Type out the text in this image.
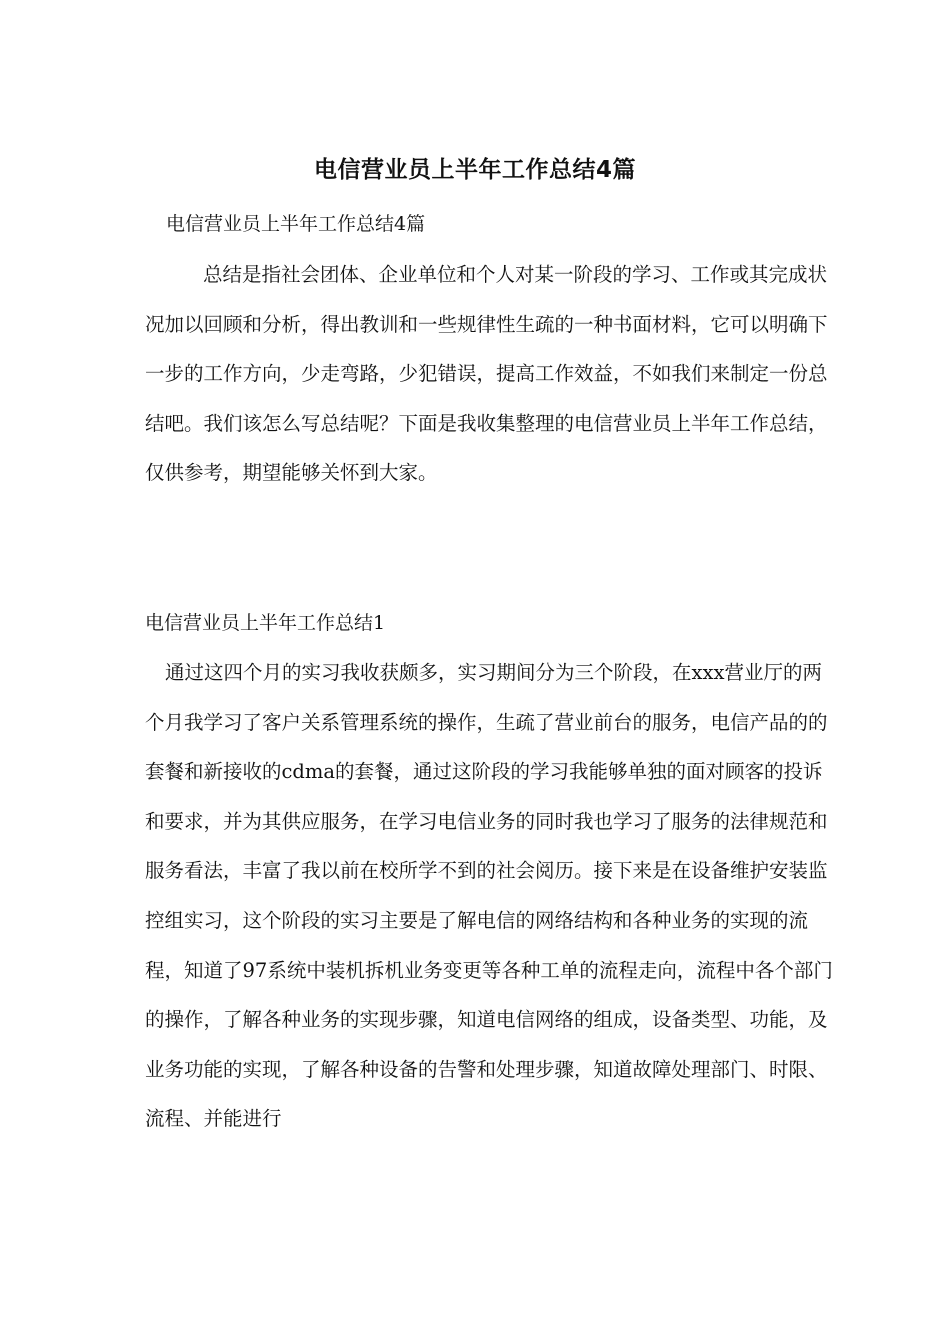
电信营业员上半年工作总结4篇
电信营业员上半年工作总结4篇

总结是指社会团体、企业单位和个人对某一阶段的学习、工作或其完成状况加以回顾和分析，得出教训和一些规律性生疏的一种书面材料，它可以明确下一步的工作方向，少走弯路，少犯错误，提高工作效益，不如我们来制定一份总结吧。我们该怎么写总结呢？下面是我收集整理的电信营业员上半年工作总结，仅供参考，期望能够关怀到大家。

电信营业员上半年工作总结1

通过这四个月的实习我收获颇多，实习期间分为三个阶段，在xxx营业厅的两个月我学习了客户关系管理系统的操作，生疏了营业前台的服务，电信产品的的套餐和新接收的cdma的套餐，通过这阶段的学习我能够单独的面对顾客的投诉和要求，并为其供应服务，在学习电信业务的同时我也学习了服务的法律规范和服务看法，丰富了我以前在校所学不到的社会阅历。接下来是在设备维护安装监控组实习，这个阶段的实习主要是了解电信的网络结构和各种业务的实现的流程，知道了97系统中装机拆机业务变更等各种工单的流程走向，流程中各个部门的操作，了解各种业务的实现步骤，知道电信网络的组成，设备类型、功能，及业务功能的实现，了解各种设备的告警和处理步骤，知道故障处理部门、时限、流程、并能进行
